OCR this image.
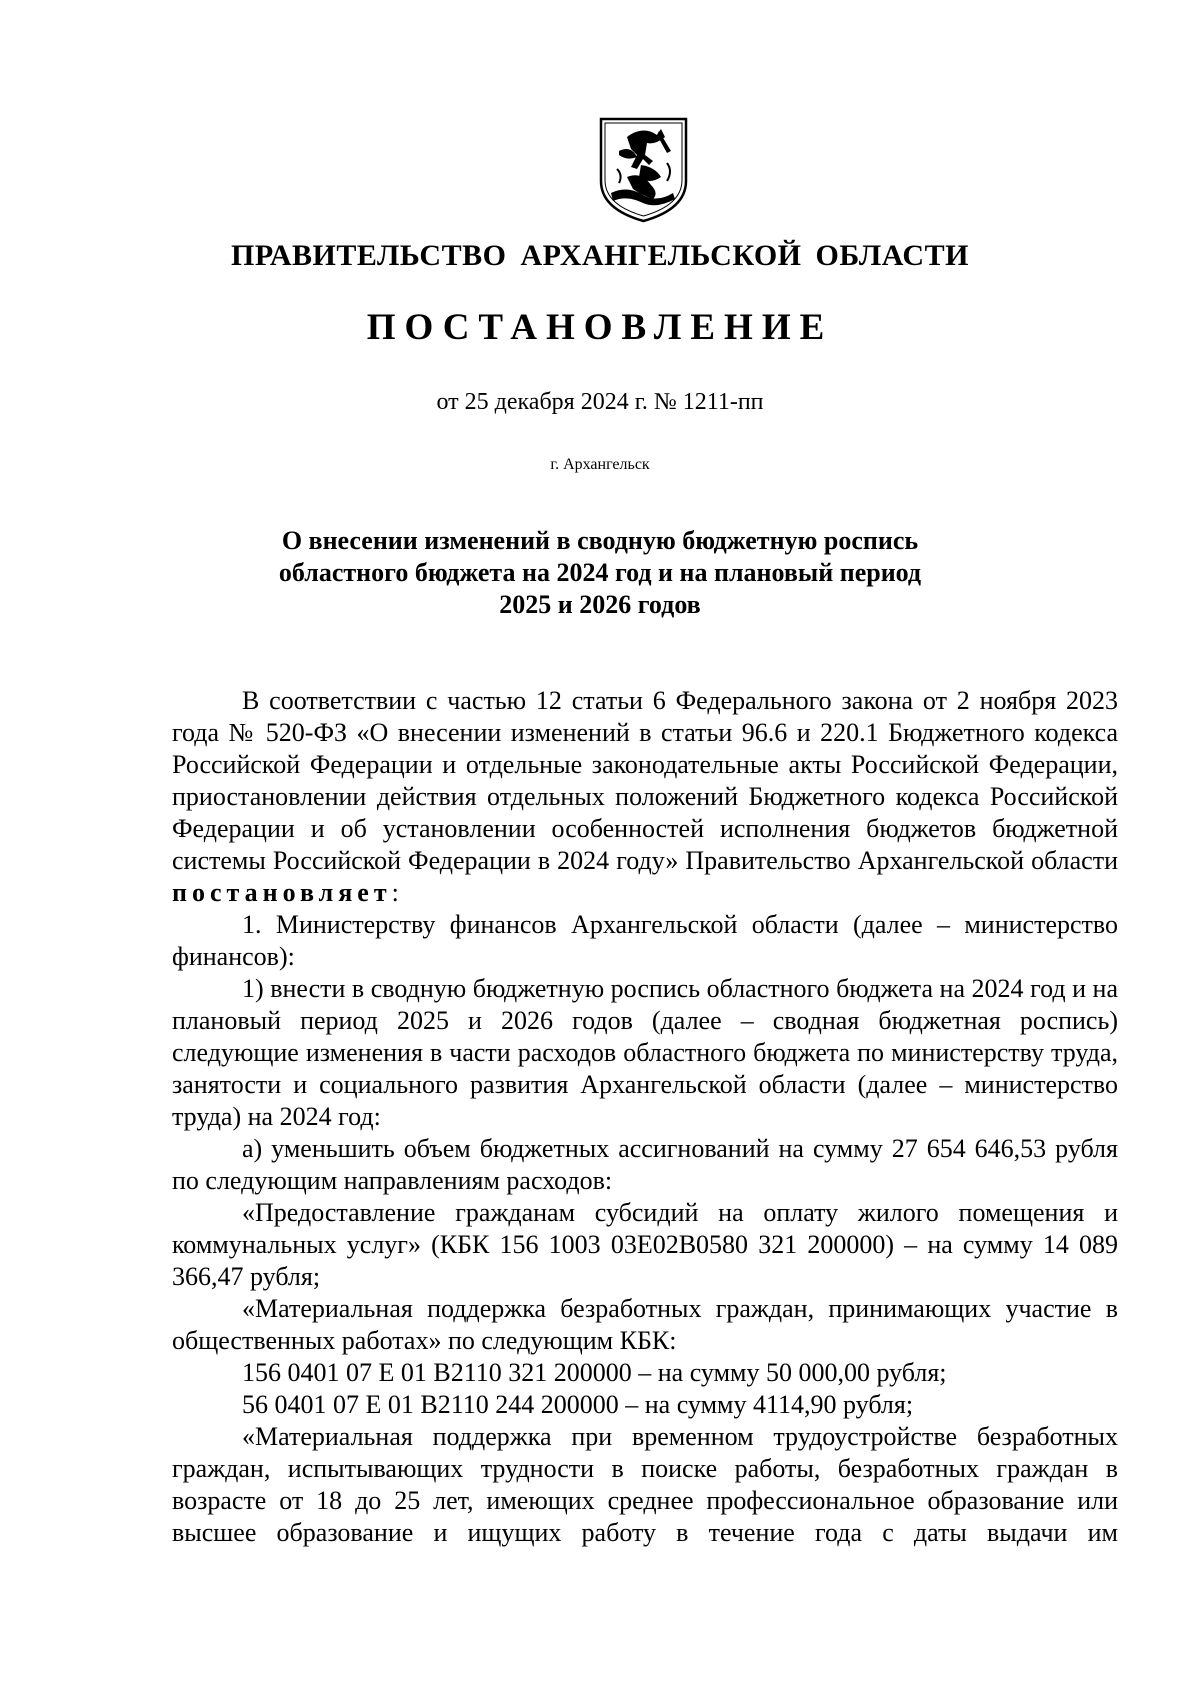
ПРАВИТЕЛЬСТВО АРХАНГЕЛЬСКОЙ ОБЛАСТИ
ПОСТАНОВЛЕНИЕ
от 25 декабря 2024 г. № 1211-пп
г. Архангельск
О внесении изменений в сводную бюджетную роспись
областного бюджета на 2024 год и на плановый период
2025 и 2026 годов

В соответствии с частью 12 статьи 6 Федерального закона от 2 ноября 2023 года № 520-ФЗ «О внесении изменений в статьи 96.6 и 220.1 Бюджетного кодекса Российской Федерации и отдельные законодательные акты Российской Федерации, приостановлении действия отдельных положений Бюджетного кодекса Российской Федерации и об установлении особенностей исполнения бюджетов бюджетной системы Российской Федерации в 2024 году» Правительство Архангельской области постановляет:

1. Министерству финансов Архангельской области (далее – министерство финансов):

1) внести в сводную бюджетную роспись областного бюджета на 2024 год и на плановый период 2025 и 2026 годов (далее – сводная бюджетная роспись) следующие изменения в части расходов областного бюджета по министерству труда, занятости и социального развития Архангельской области (далее – министерство труда) на 2024 год:

а) уменьшить объем бюджетных ассигнований на сумму 27 654 646,53 рубля по следующим направлениям расходов:

«Предоставление гражданам субсидий на оплату жилого помещения и коммунальных услуг» (КБК 156 1003 03Е02В0580 321 200000) – на сумму 14 089 366,47 рубля;

«Материальная поддержка безработных граждан, принимающих участие в общественных работах» по следующим КБК:

156 0401 07 Е 01 В2110 321 200000 – на сумму 50 000,00 рубля;

56 0401 07 Е 01 В2110 244 200000 – на сумму 4114,90 рубля;

«Материальная поддержка при временном трудоустройстве безработных граждан, испытывающих трудности в поиске работы, безработных граждан в возрасте от 18 до 25 лет, имеющих среднее профессиональное образование или высшее образование и ищущих работу в течение года с даты выдачи им
